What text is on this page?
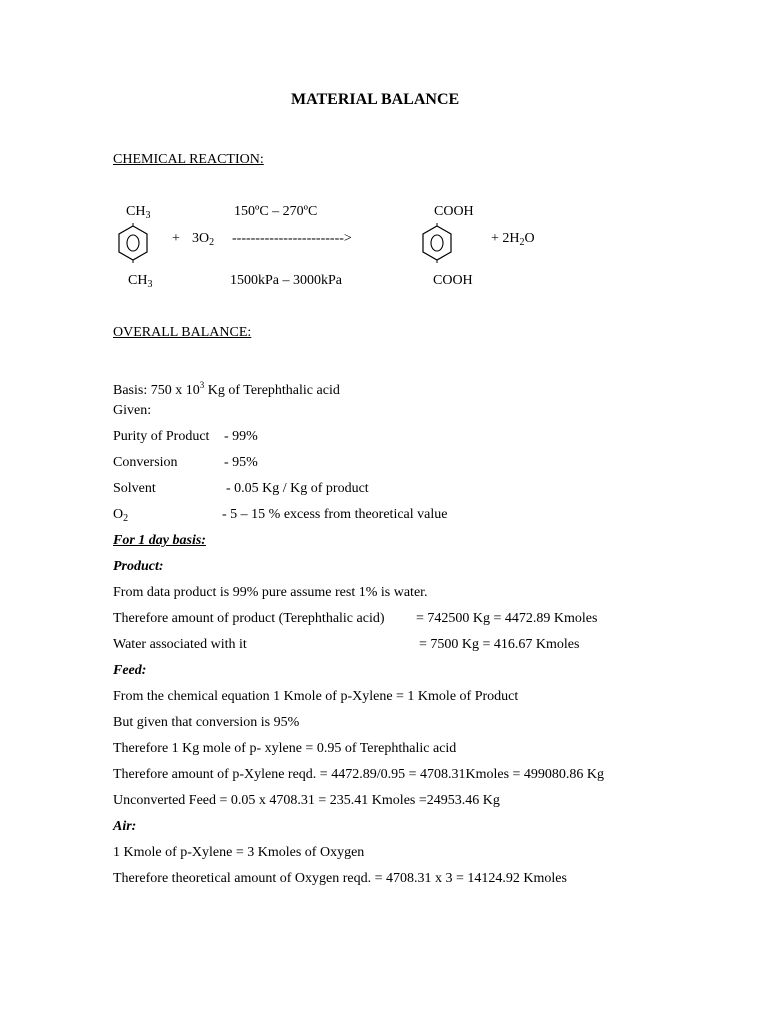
MATERIAL BALANCE
CHEMICAL REACTION:
$CH_3$
$CH_3$
+ $3O_2$
150ºC – 270ºC
------------------------>
1500kPa – 3000kPa
COOH
COOH
+ $2H_2O$
OVERALL BALANCE:
Basis: 750 x $10^3$ Kg of Terephthalic acid
Given:
Purity of Product - 99%
Conversion	- 95%
Solvent	- 0.05 Kg / Kg of product
$O_2$	- 5 – 15 % excess from theoretical value
For 1 day basis:
Product:
From data product is 99% pure assume rest 1% is water.
Therefore amount of product (Terephthalic acid) = 742500 Kg = 4472.89 Kmoles
Water associated with it	= 7500 Kg = 416.67 Kmoles
Feed:
From the chemical equation 1 Kmole of p-Xylene = 1 Kmole of Product
But given that conversion is 95%
Therefore 1 Kg mole of p- xylene = 0.95 of Terephthalic acid
Therefore amount of p-Xylene reqd. = 4472.89/0.95 = 4708.31Kmoles = 499080.86 Kg
Unconverted Feed = 0.05 x 4708.31 = 235.41 Kmoles =24953.46 Kg
Air:
1 Kmole of p-Xylene = 3 Kmoles of Oxygen
Therefore theoretical amount of Oxygen reqd. = 4708.31 x 3 = 14124.92 Kmoles
